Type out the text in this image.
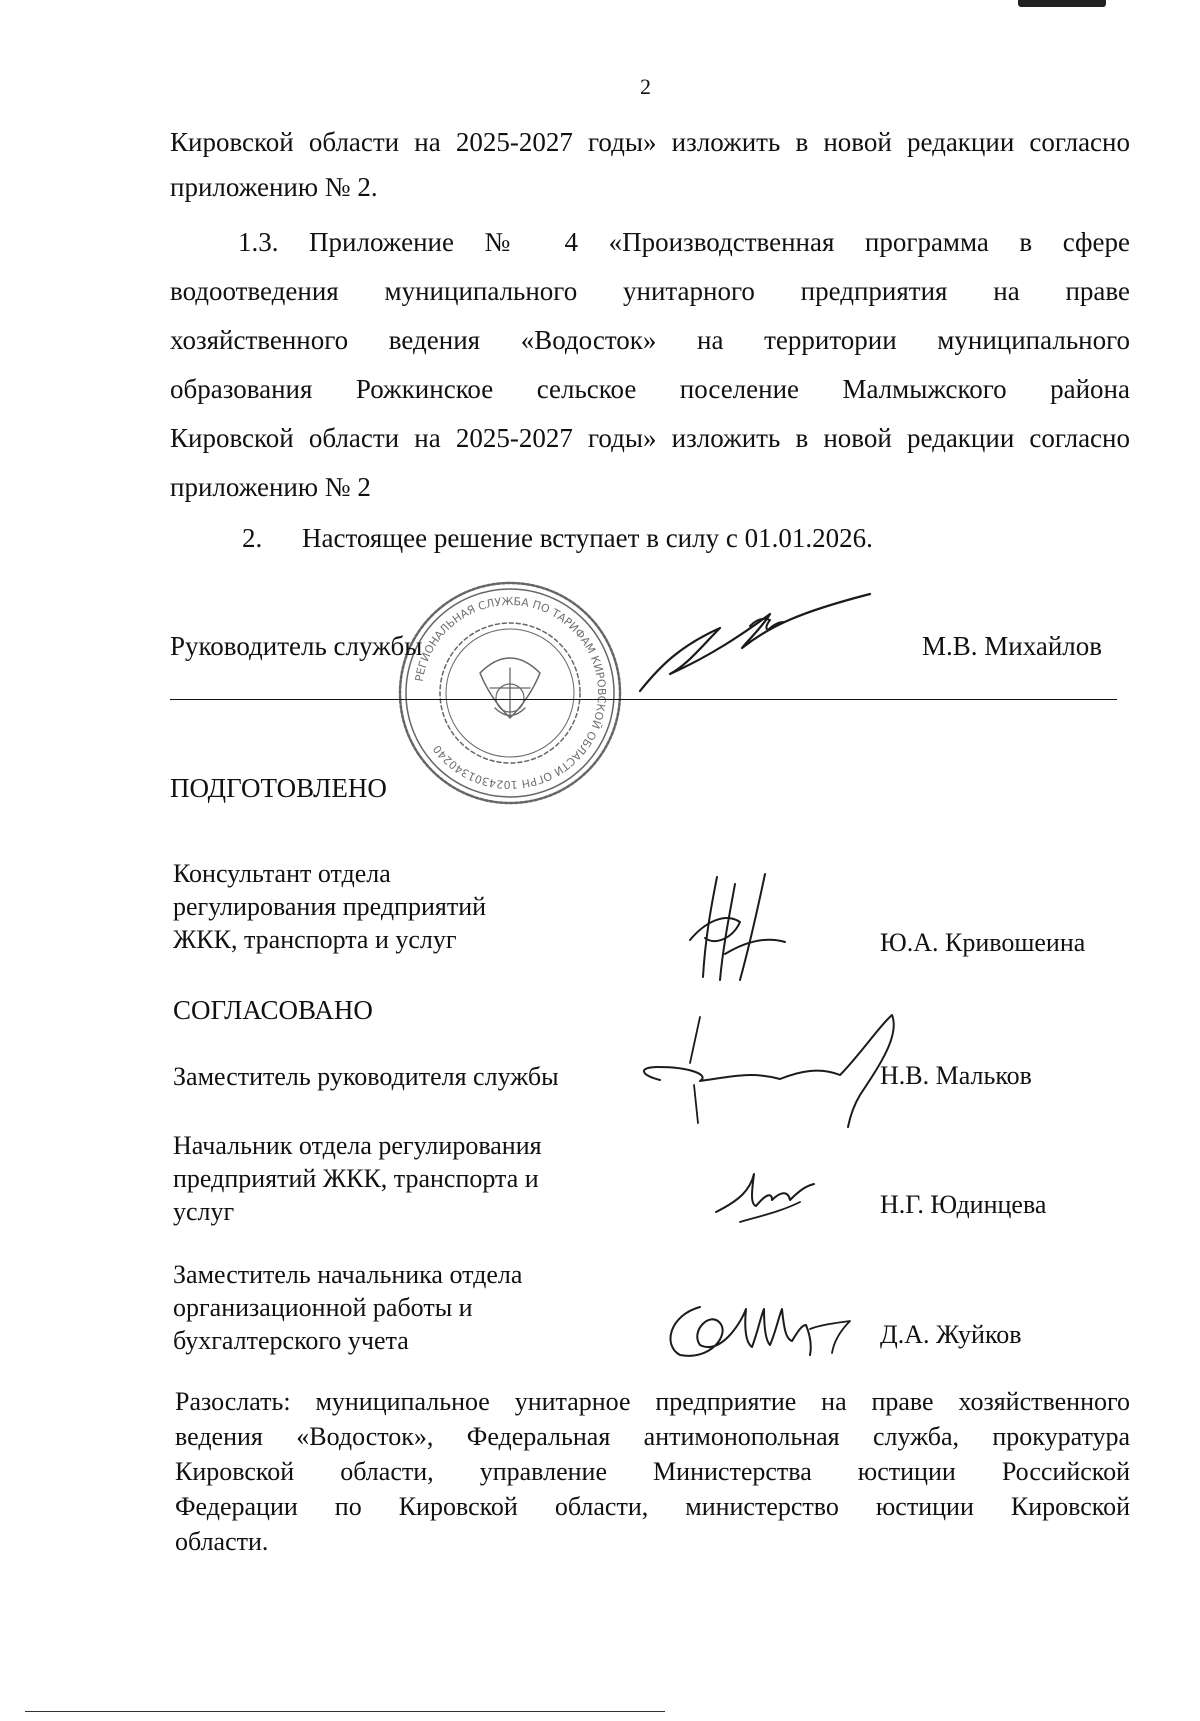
2
Кировской области на 2025-2027 годы» изложить в новой редакции согласно
приложению № 2.
1.3. Приложение № 4 «Производственная программа в сфере
водоотведения муниципального унитарного предприятия на праве
хозяйственного ведения «Водосток» на территории муниципального
образования Рожкинское сельское поселение Малмыжского района
Кировской области на 2025-2027 годы» изложить в новой редакции согласно
приложению № 2
2. Настоящее решение вступает в силу с 01.01.2026.
РЕГИОНАЛЬНАЯ СЛУЖБА ПО ТАРИФАМ КИРОВСКОЙ ОБЛАСТИ ОГРН 1024301340240
Руководитель службы	М.В. Михайлов
ПОДГОТОВЛЕНО
Консультант отдела
регулирования предприятий
ЖКК, транспорта и услуг	Ю.А. Кривошеина
СОГЛАСОВАНО
Заместитель руководителя службы	Н.В. Мальков
Начальник отдела регулирования
предприятий ЖКК, транспорта и
услуг	Н.Г. Юдинцева
Заместитель начальника отдела
организационной работы и
бухгалтерского учета	Д.А. Жуйков
Разослать: муниципальное унитарное предприятие на праве хозяйственного
ведения «Водосток», Федеральная антимонопольная служба, прокуратура
Кировской области, управление Министерства юстиции Российской
Федерации по Кировской области, министерство юстиции Кировской
области.
